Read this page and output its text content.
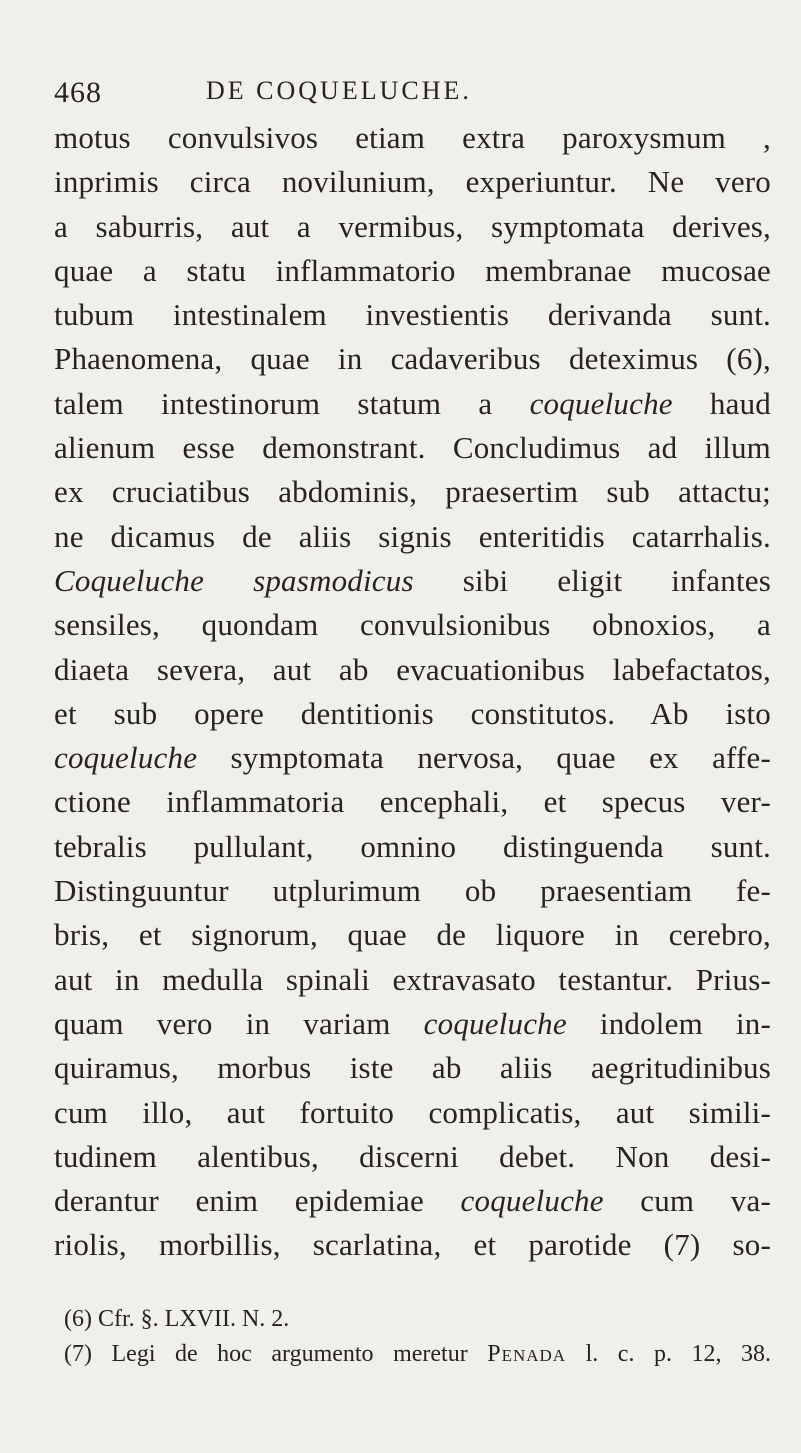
468	DE COQUELUCHE.
motus convulsivos etiam extra paroxysmum ,
inprimis circa novilunium, experiuntur. Ne vero
a saburris, aut a vermibus, symptomata derives,
quae a statu inflammatorio membranae mucosae
tubum intestinalem investientis derivanda sunt.
Phaenomena, quae in cadaveribus deteximus (6),
talem intestinorum statum a coqueluche haud
alienum esse demonstrant. Concludimus ad illum
ex cruciatibus abdominis, praesertim sub attactu;
ne dicamus de aliis signis enteritidis catarrhalis.
Coqueluche spasmodicus sibi eligit infantes
sensiles, quondam convulsionibus obnoxios, a
diaeta severa, aut ab evacuationibus labefactatos,
et sub opere dentitionis constitutos. Ab isto
coqueluche symptomata nervosa, quae ex affe-
ctione inflammatoria encephali, et specus ver-
tebralis pullulant, omnino distinguenda sunt.
Distinguuntur utplurimum ob praesentiam fe-
bris, et signorum, quae de liquore in cerebro,
aut in medulla spinali extravasato testantur. Prius-
quam vero in variam coqueluche indolem in-
quiramus, morbus iste ab aliis aegritudinibus
cum illo, aut fortuito complicatis, aut simili-
tudinem alentibus, discerni debet. Non desi-
derantur enim epidemiae coqueluche cum va-
riolis, morbillis, scarlatina, et parotide (7) so-
(6) Cfr. §. LXVII. N. 2.
(7) Legi de hoc argumento meretur Penada l. c. p. 12, 38.
